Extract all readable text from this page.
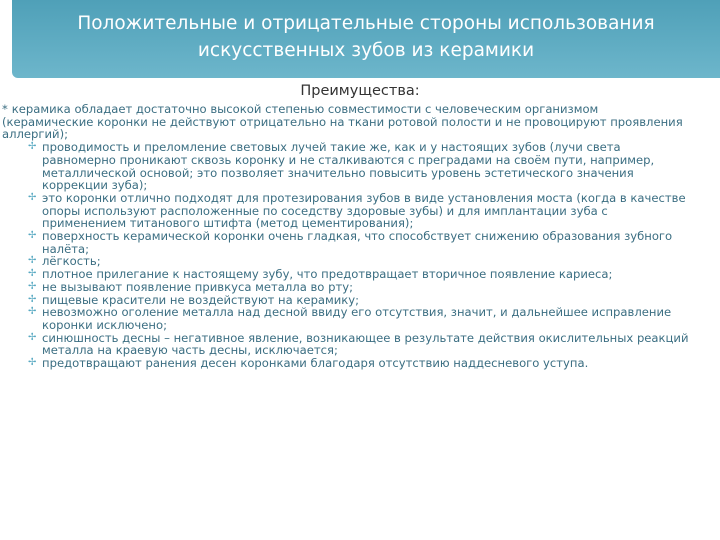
Положительные и отрицательные стороны использования
искусственных зубов из керамики
Преимущества:
* керамика обладает достаточно высокой степенью совместимости с человеческим организмом (керамические коронки не действуют отрицательно на ткани ротовой полости и не провоцируют проявления аллергий);
✢ проводимость и преломление световых лучей такие же, как и у настоящих зубов (лучи света равномерно проникают сквозь коронку и не сталкиваются с преградами на своём пути, например, металлической основой; это позволяет значительно повысить уровень эстетического значения коррекции зуба);
✢ это коронки отлично подходят для протезирования зубов в виде установления моста (когда в качестве опоры используют расположенные по соседству здоровые зубы) и для имплантации зуба с применением титанового штифта (метод цементирования);
✢ поверхность керамической коронки очень гладкая, что способствует снижению образования зубного налёта;
✢ лёгкость;
✢ плотное прилегание к настоящему зубу, что предотвращает вторичное появление кариеса;
✢ не вызывают появление привкуса металла во рту;
✢ пищевые красители не воздействуют на керамику;
✢ невозможно оголение металла над десной ввиду его отсутствия, значит, и дальнейшее исправление коронки исключено;
✢ синюшность десны – негативное явление, возникающее в результате действия окислительных реакций металла на краевую часть десны, исключается;
✢ предотвращают ранения десен коронками благодаря отсутствию наддесневого уступа.
